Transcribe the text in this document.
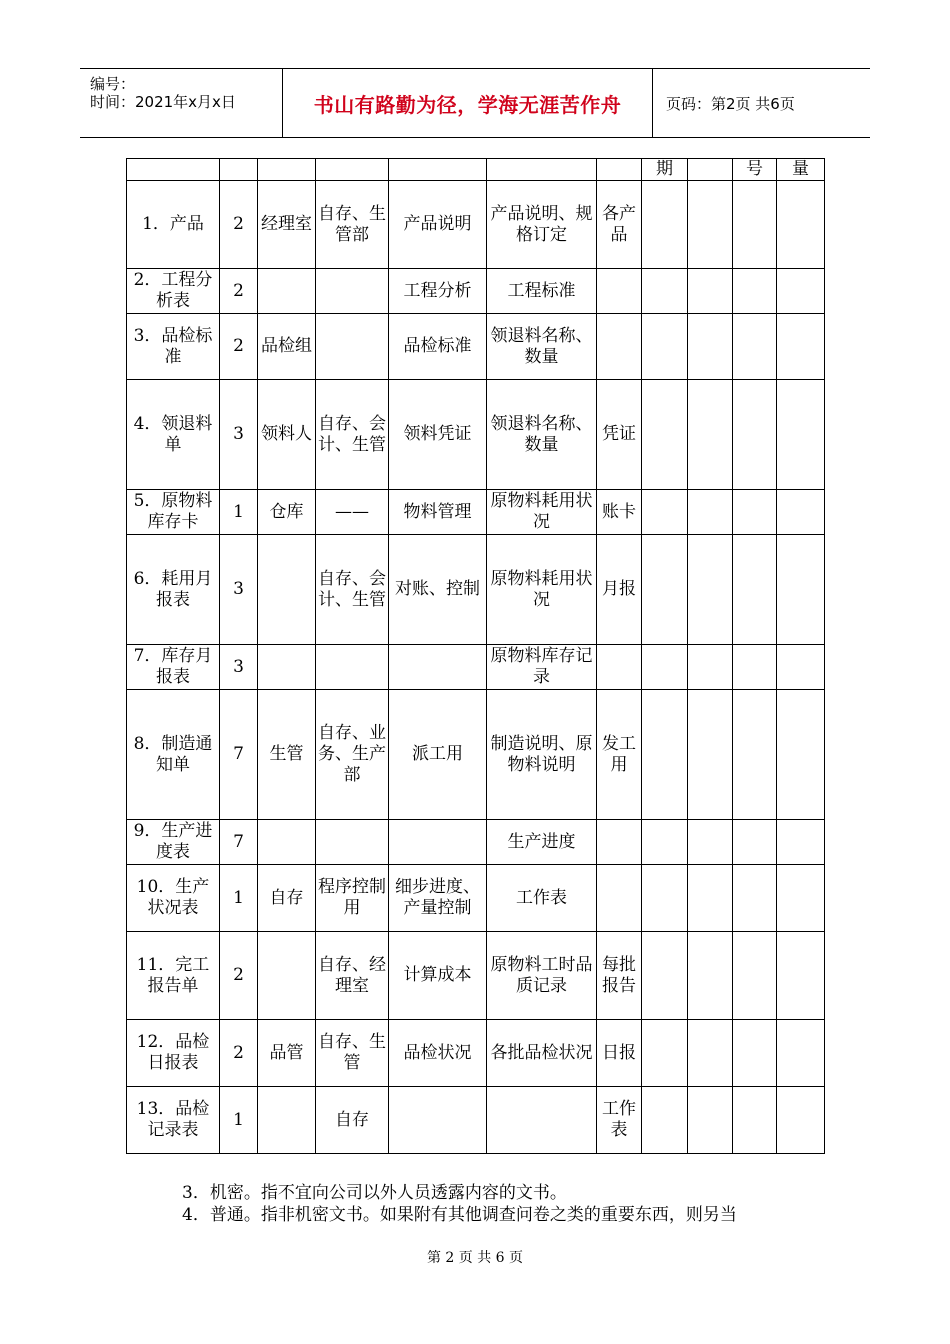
编号：
时间：2021年x月x日	书山有路勤为径，学海无涯苦作舟	页码：第2页 共6页
							期		号	量
1．产品	2	经理室	自存、生管部	产品说明	产品说明、规格订定	各产品				
2．工程分析表	2			工程分析	工程标准					
3．品检标准	2	品检组		品检标准	领退料名称、数量					
4．领退料单	3	领料人	自存、会计、生管	领料凭证	领退料名称、数量	凭证				
5．原物料库存卡	1	仓库	——	物料管理	原物料耗用状况	账卡				
6．耗用月报表	3		自存、会计、生管	对账、控制	原物料耗用状况	月报				
7．库存月报表	3				原物料库存记录					
8．制造通知单	7	生管	自存、业务、生产部	派工用	制造说明、原物料说明	发工用				
9．生产进度表	7				生产进度					
10．生产状况表	1	自存	程序控制用	细步进度、产量控制	工作表					
11．完工报告单	2		自存、经理室	计算成本	原物料工时品质记录	每批报告				
12．品检日报表	2	品管	自存、生管	品检状况	各批品检状况	日报				
13．品检记录表	1		自存			工作表				
3．机密。指不宜向公司以外人员透露内容的文书。
4．普通。指非机密文书。如果附有其他调查问卷之类的重要东西，则另当
第 2 页 共 6 页
